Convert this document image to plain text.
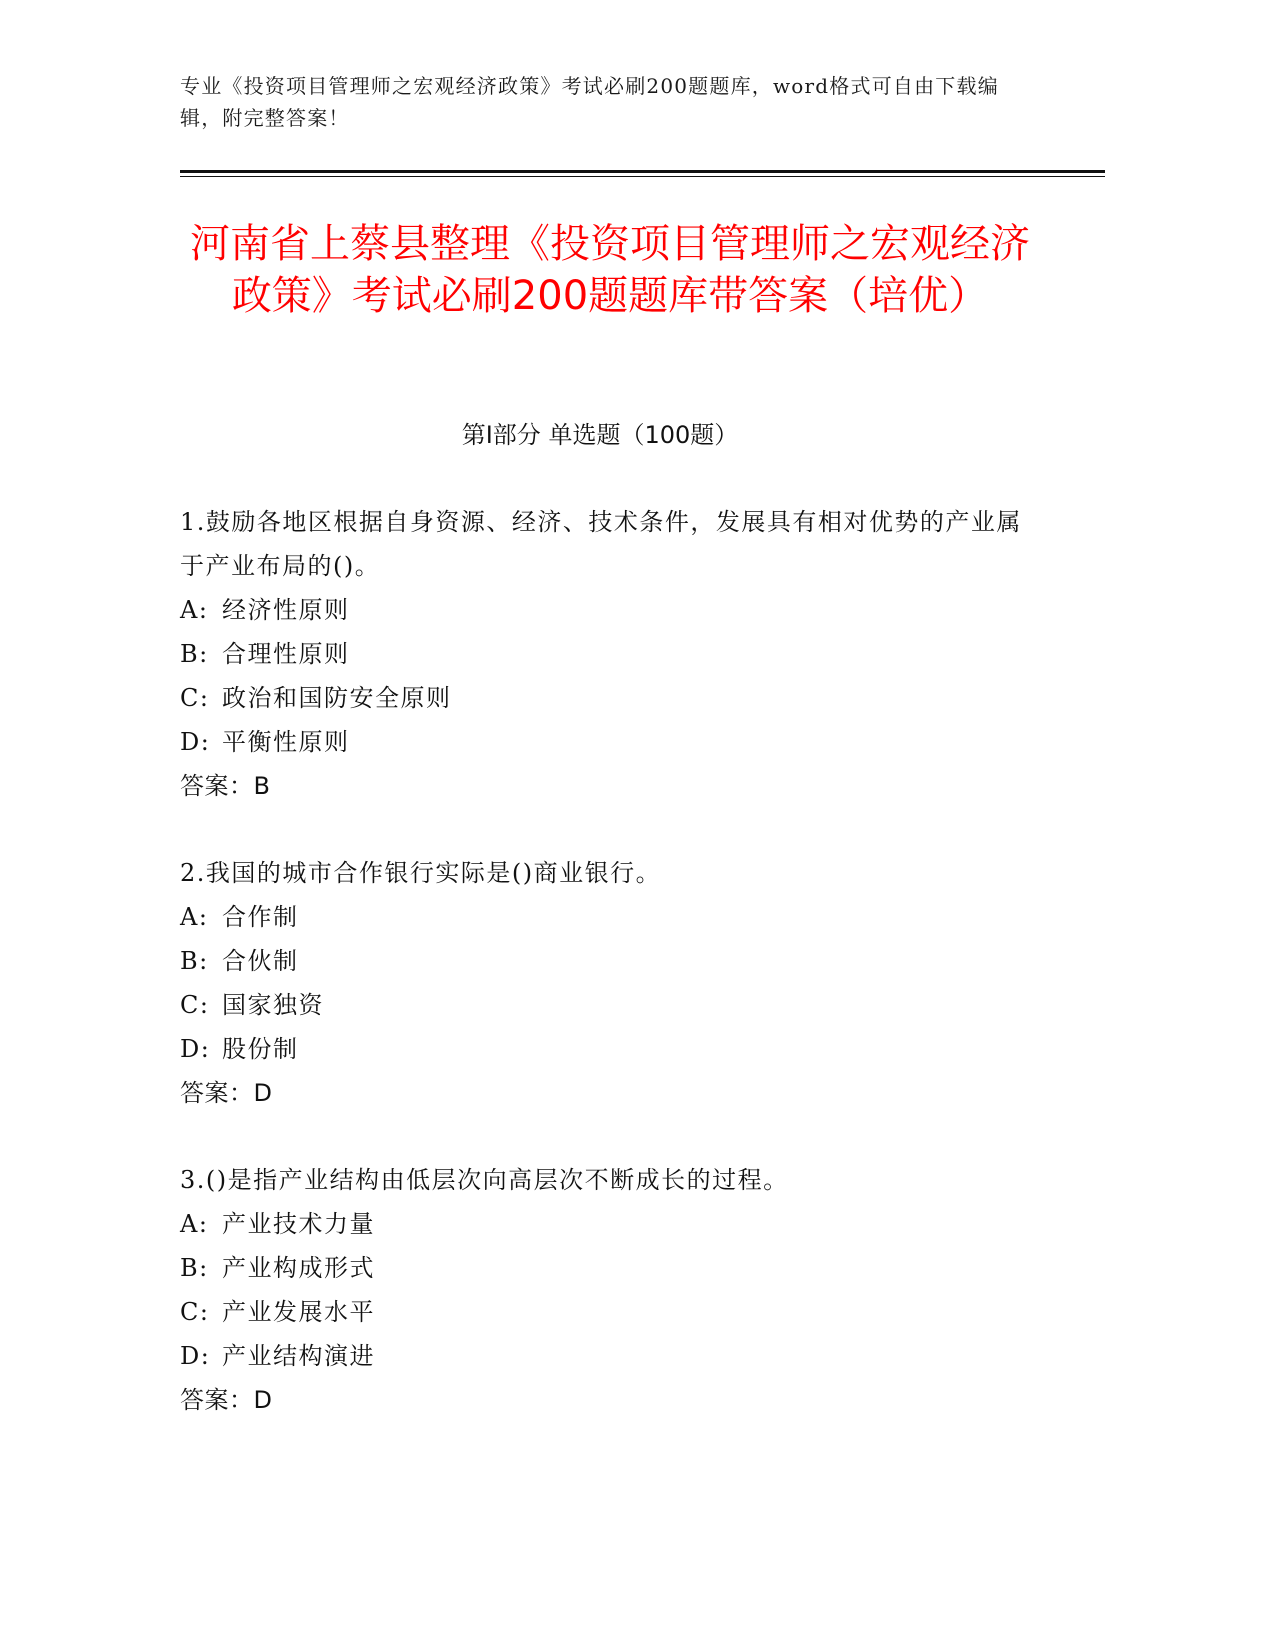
专业《投资项目管理师之宏观经济政策》考试必刷200题题库，word格式可自由下载编辑，附完整答案！
河南省上蔡县整理《投资项目管理师之宏观经济政策》考试必刷200题题库带答案（培优）
第I部分 单选题（100题）
1.鼓励各地区根据自身资源、经济、技术条件，发展具有相对优势的产业属于产业布局的()。
A: 经济性原则
B: 合理性原则
C: 政治和国防安全原则
D: 平衡性原则
答案：B
2.我国的城市合作银行实际是()商业银行。
A: 合作制
B: 合伙制
C: 国家独资
D: 股份制
答案：D
3.()是指产业结构由低层次向高层次不断成长的过程。
A: 产业技术力量
B: 产业构成形式
C: 产业发展水平
D: 产业结构演进
答案：D
